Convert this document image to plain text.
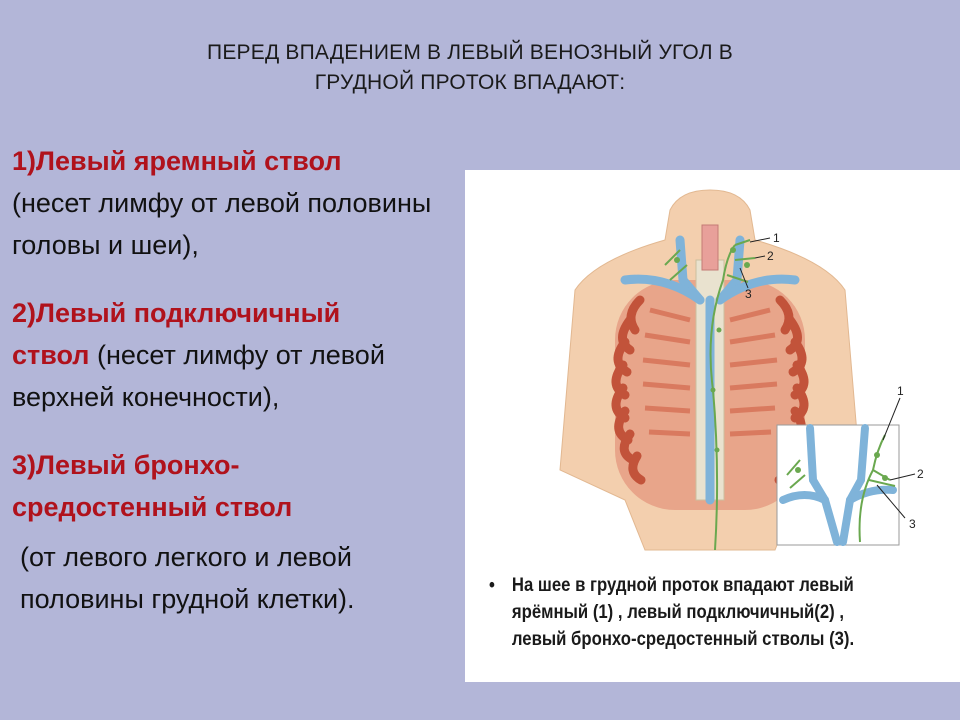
ПЕРЕД ВПАДЕНИЕМ В ЛЕВЫЙ ВЕНОЗНЫЙ УГОЛ В
ГРУДНОЙ ПРОТОК ВПАДАЮТ:
1)Левый яремный ствол
(несет лимфу от левой половины головы и шеи),
2)Левый подключичный
ствол (несет лимфу от левой верхней конечности),
3)Левый бронхо-
средостенный ствол
(от левого легкого и левой половины грудной клетки).
1
2
3
1
2
3
• На шее в грудной проток впадают левый ярёмный (1) , левый подключичный(2) , левый бронхо-средостенный стволы (3).
